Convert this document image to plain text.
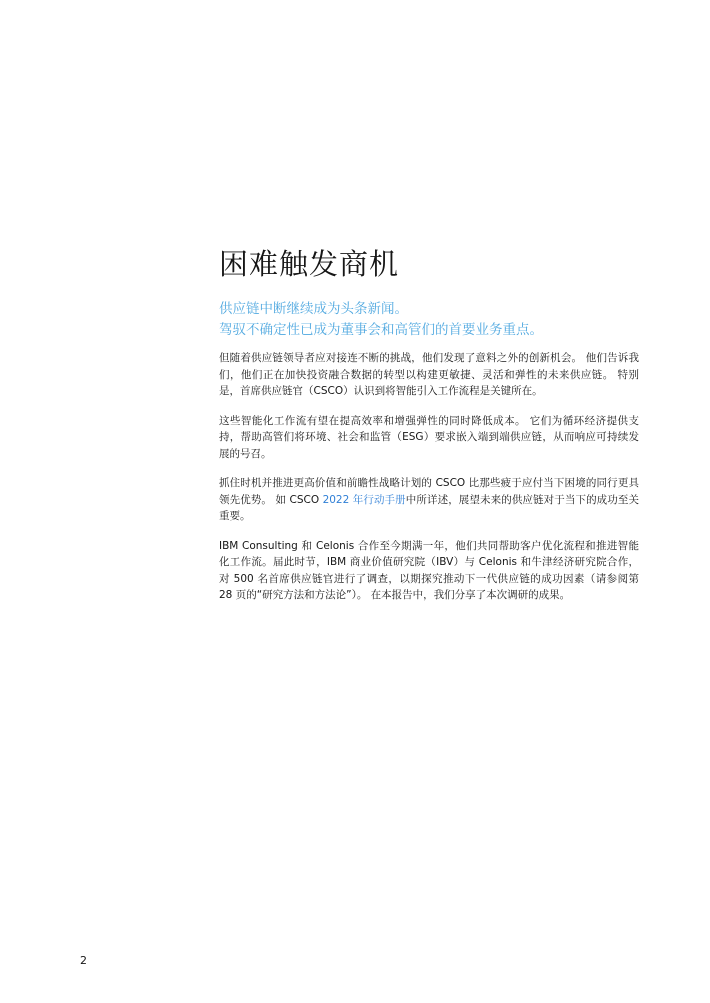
困难触发商机
供应链中断继续成为头条新闻。
驾驭不确定性已成为董事会和高管们的首要业务重点。

但随着供应链领导者应对接连不断的挑战，他们发现了意料之外的创新机会。 他们告诉我们，他们正在加快投资融合数据的转型以构建更敏捷、灵活和弹性的未来供应链。 特别是，首席供应链官（CSCO）认识到将智能引入工作流程是关键所在。

这些智能化工作流有望在提高效率和增强弹性的同时降低成本。 它们为循环经济提供支持，帮助高管们将环境、社会和监管（ESG）要求嵌入端到端供应链，从而响应可持续发展的号召。

抓住时机并推进更高价值和前瞻性战略计划的 CSCO 比那些疲于应付当下困境的同行更具领先优势。 如 CSCO 2022 年行动手册中所详述，展望未来的供应链对于当下的成功至关重要。

IBM Consulting 和 Celonis 合作至今期满一年，他们共同帮助客户优化流程和推进智能化工作流。届此时节，IBM 商业价值研究院（IBV）与 Celonis 和牛津经济研究院合作，对 500 名首席供应链官进行了调查，以期探究推动下一代供应链的成功因素（请参阅第 28 页的“研究方法和方法论”）。 在本报告中，我们分享了本次调研的成果。

2
